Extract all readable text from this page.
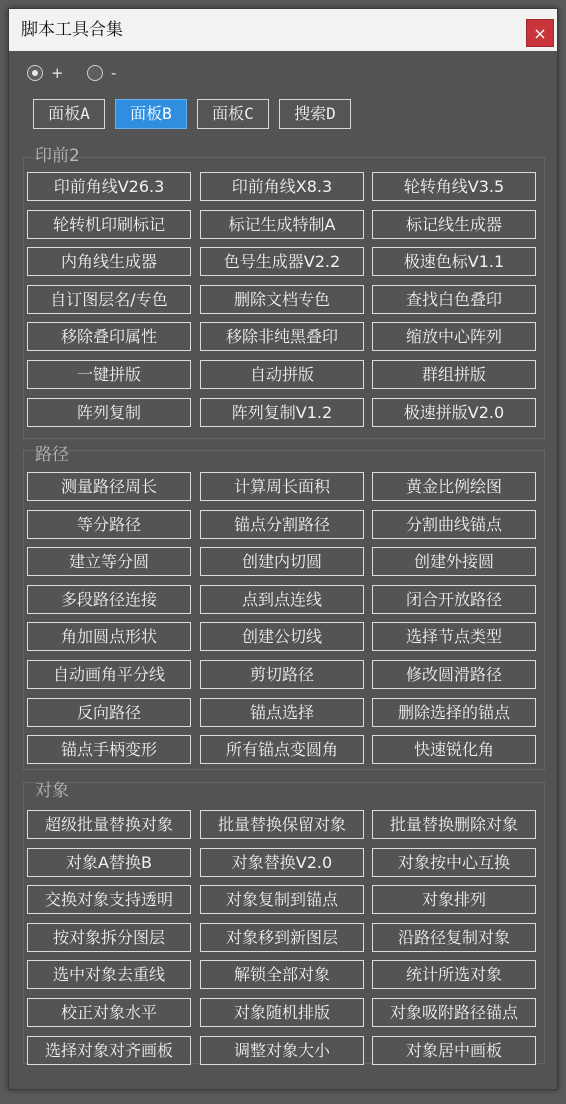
脚本工具合集	×
+	-
面板A	面板B	面板C	搜索D
印前2
印前角线V26.3	印前角线X8.3	轮转角线V3.5
轮转机印刷标记	标记生成特制A	标记线生成器
内角线生成器	色号生成器V2.2	极速色标V1.1
自订图层名/专色	删除文档专色	查找白色叠印
移除叠印属性	移除非纯黑叠印	缩放中心阵列
一键拼版	自动拼版	群组拼版
阵列复制	阵列复制V1.2	极速拼版V2.0
路径
测量路径周长	计算周长面积	黄金比例绘图
等分路径	锚点分割路径	分割曲线锚点
建立等分圆	创建内切圆	创建外接圆
多段路径连接	点到点连线	闭合开放路径
角加圆点形状	创建公切线	选择节点类型
自动画角平分线	剪切路径	修改圆滑路径
反向路径	锚点选择	删除选择的锚点
锚点手柄变形	所有锚点变圆角	快速锐化角
对象
超级批量替换对象	批量替换保留对象	批量替换删除对象
对象A替换B	对象替换V2.0	对象按中心互换
交换对象支持透明	对象复制到锚点	对象排列
按对象拆分图层	对象移到新图层	沿路径复制对象
选中对象去重线	解锁全部对象	统计所选对象
校正对象水平	对象随机排版	对象吸附路径锚点
选择对象对齐画板	调整对象大小	对象居中画板
